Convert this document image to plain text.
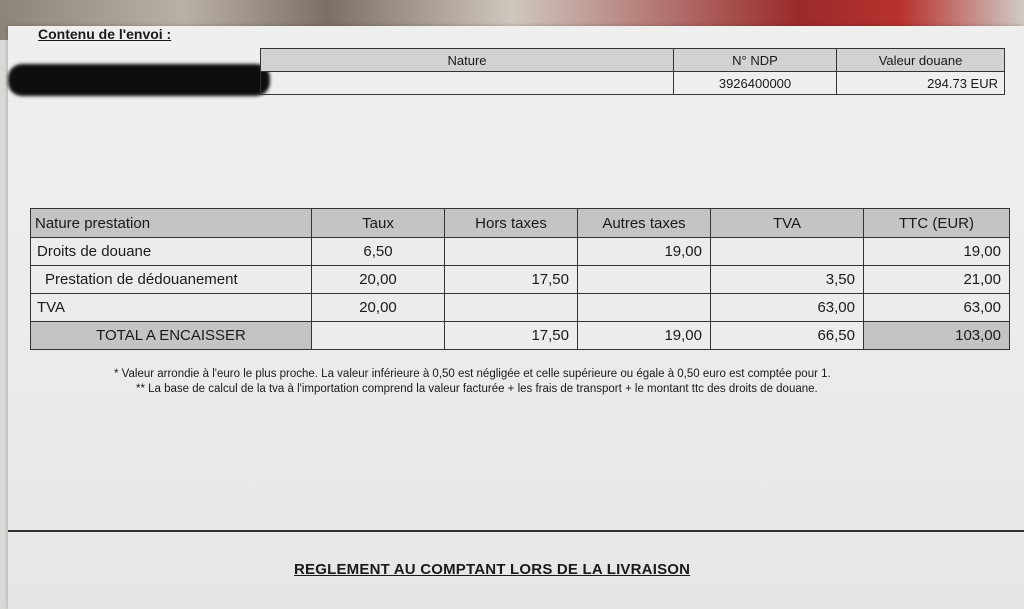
Contenu de l'envoi :
Nature	N° NDP	Valeur douane
	3926400000	294.73 EUR
Nature prestation	Taux	Hors taxes	Autres taxes	TVA	TTC (EUR)
Droits de douane	6,50		19,00		19,00
Prestation de dédouanement	20,00	17,50		3,50	21,00
TVA	20,00			63,00	63,00
TOTAL A ENCAISSER		17,50	19,00	66,50	103,00
* Valeur arrondie à l'euro le plus proche. La valeur inférieure à 0,50 est négligée et celle supérieure ou égale à 0,50 euro est comptée pour 1.
** La base de calcul de la tva à l'importation comprend la valeur facturée + les frais de transport + le montant ttc des droits de douane.
REGLEMENT AU COMPTANT LORS DE LA LIVRAISON
